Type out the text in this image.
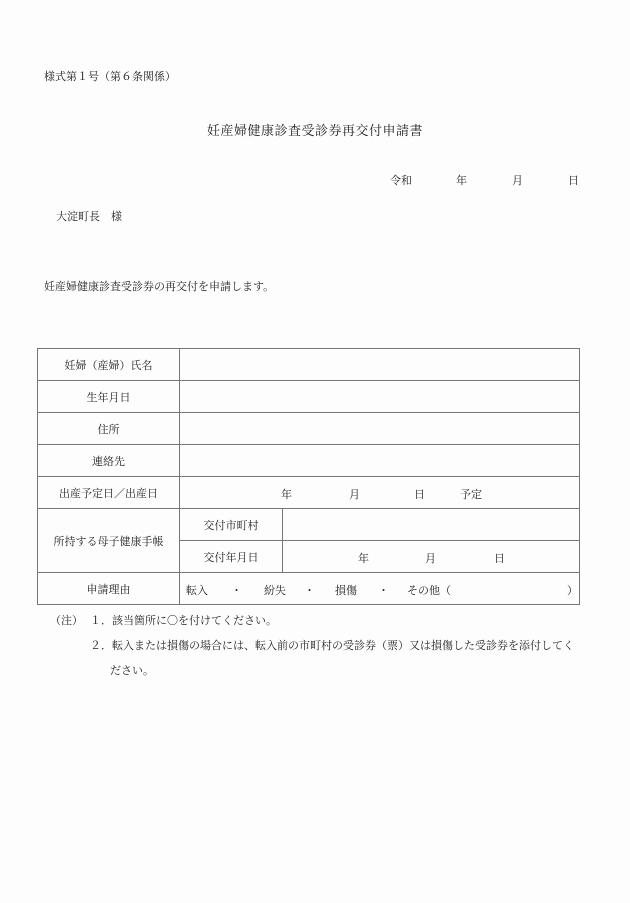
様式第１号（第６条関係）
妊産婦健康診査受診券再交付申請書
令和	年	月	日
大淀町長　様
妊産婦健康診査受診券の再交付を申請します。
妊婦（産婦）氏名		
生年月日		
住所		
連絡先		
出産予定日／出産日	年 月 日 予定	

所持する母子健康手帳	交付市町村	
	交付年月日	年 月 日

申請理由	転入 ・ 紛失 ・ 損傷 ・ その他（	）
（注） １．該当箇所に〇を付けてください。
２．転入または損傷の場合には、転入前の市町村の受診券（票）又は損傷した受診券を添付してく
ださい。
